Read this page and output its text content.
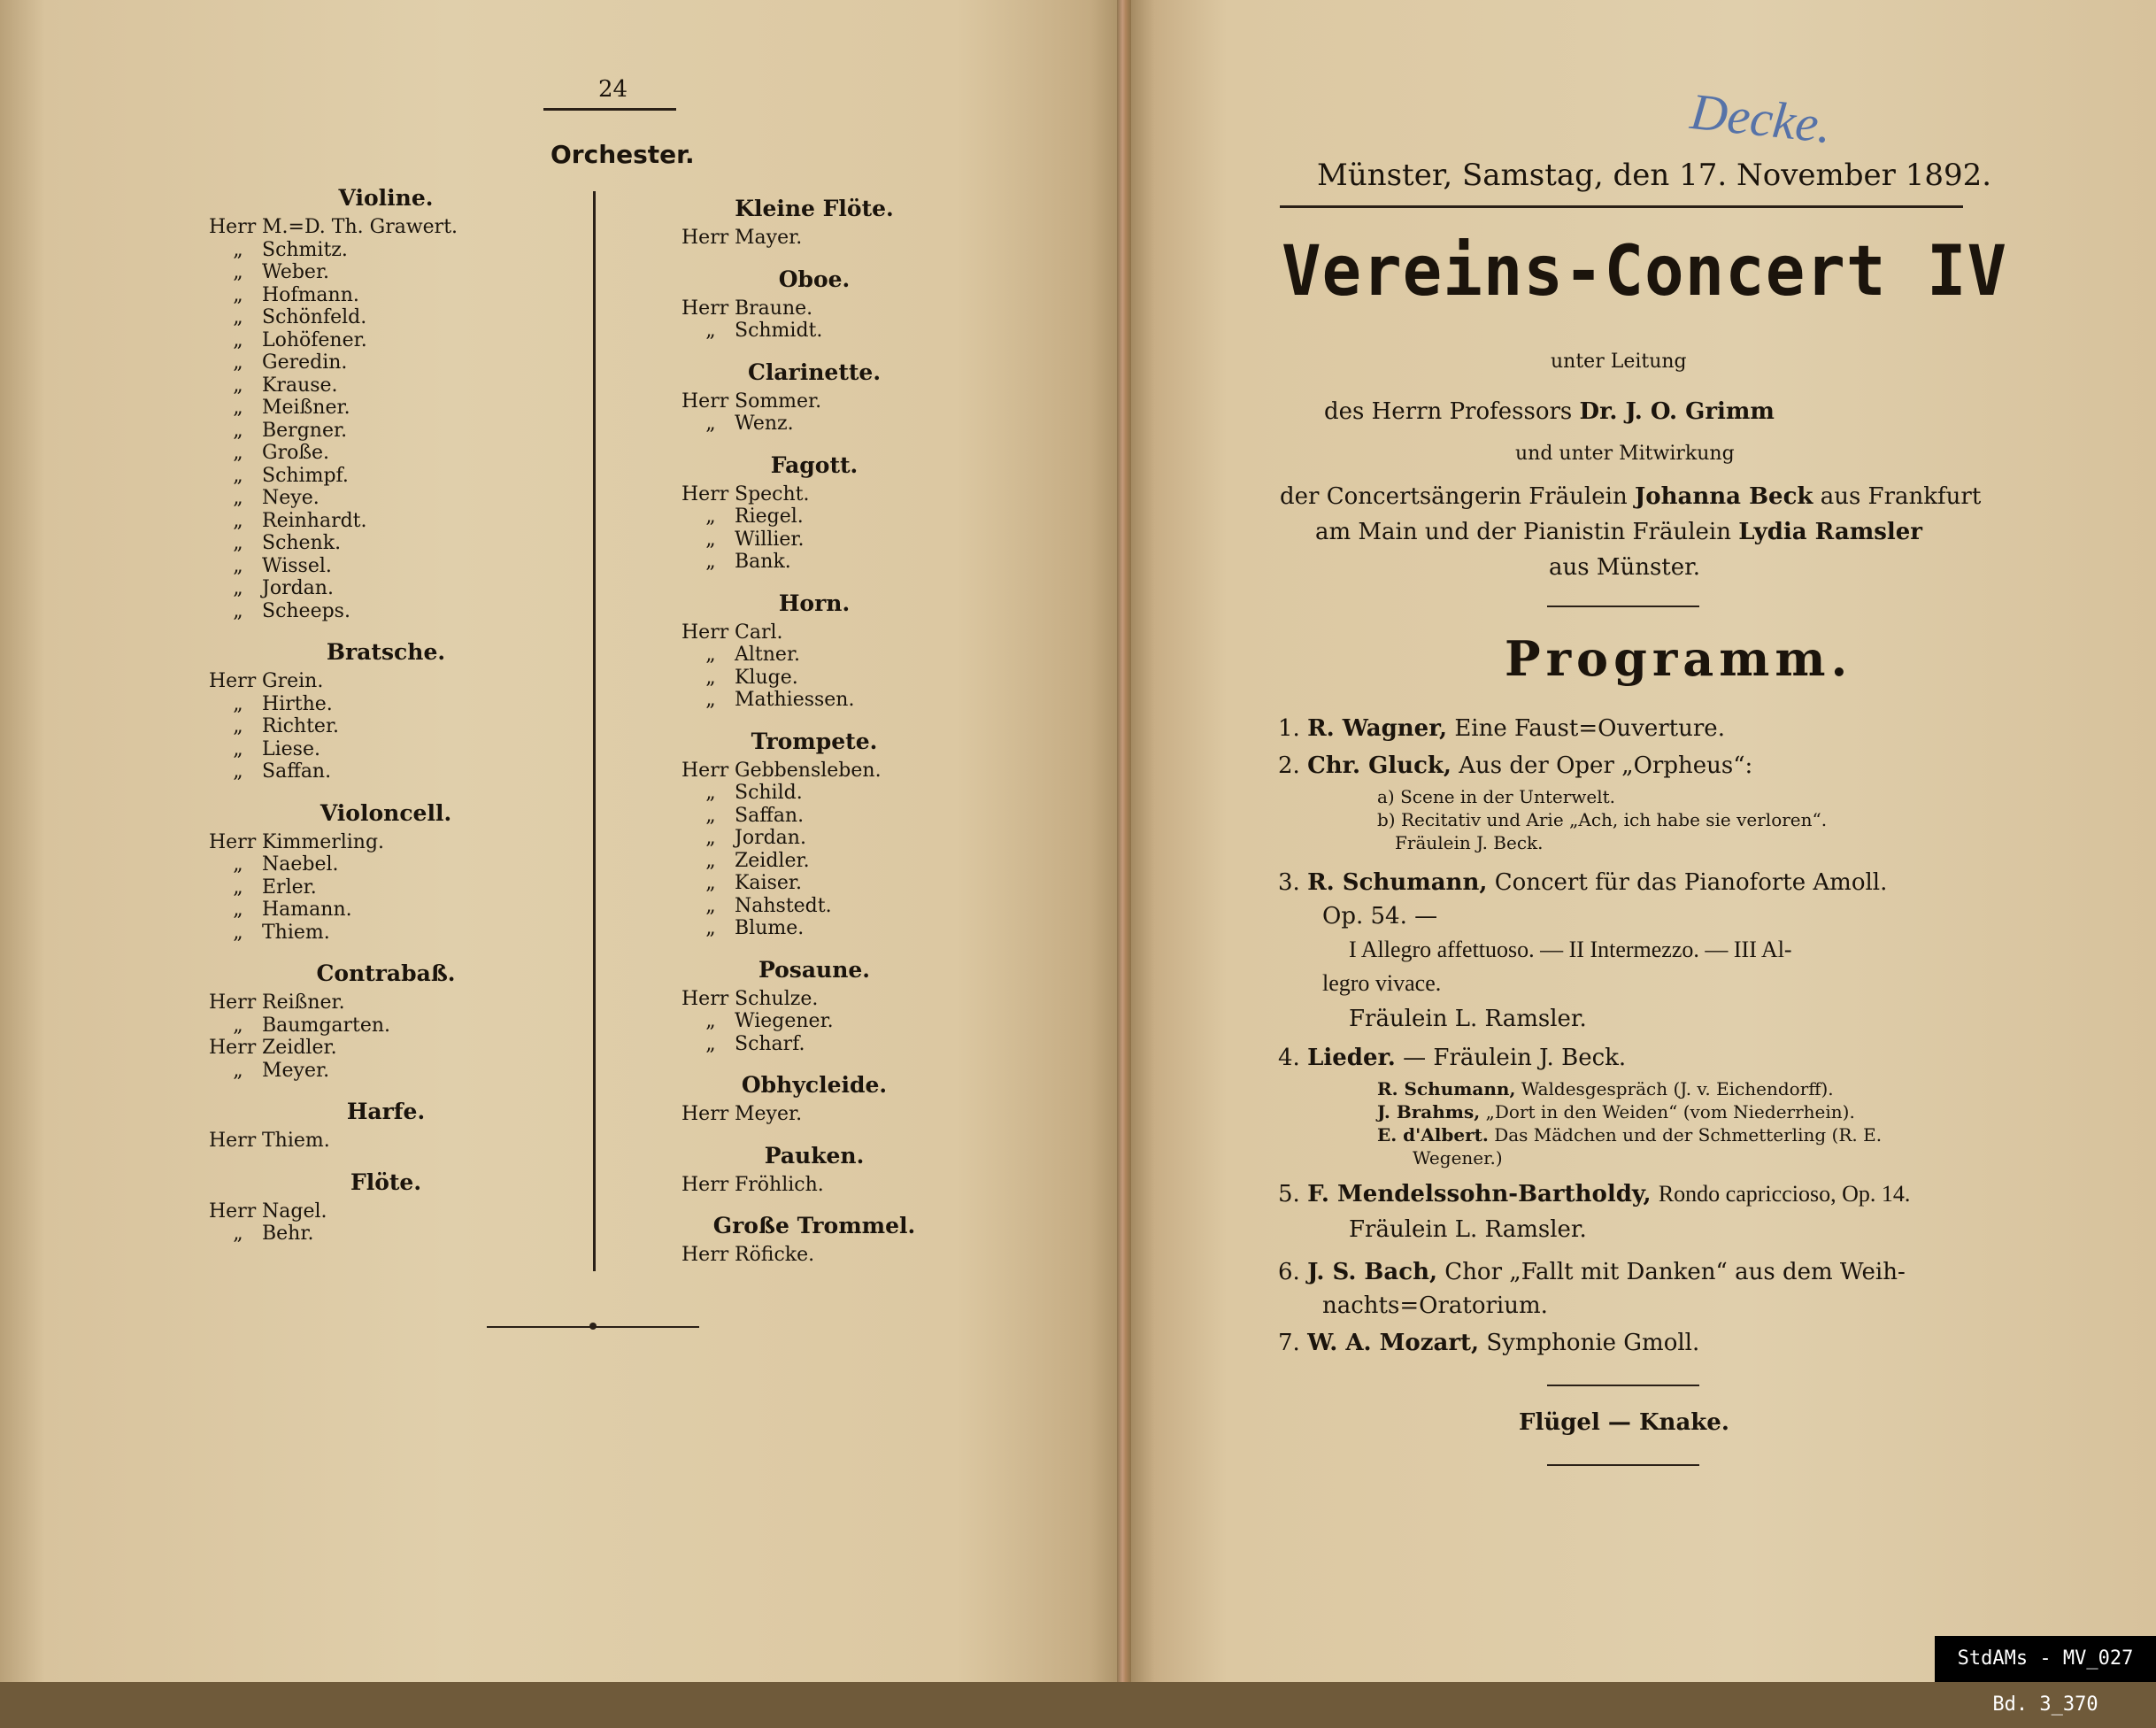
24
Orchester.
Violine.
Herr M.=D. Th. Grawert.
„ Schmitz.
„ Weber.
„ Hofmann.
„ Schönfeld.
„ Lohöfener.
„ Geredin.
„ Krause.
„ Meißner.
„ Bergner.
„ Große.
„ Schimpf.
„ Neye.
„ Reinhardt.
„ Schenk.
„ Wissel.
„ Jordan.
„ Scheeps.
Bratsche.
Herr Grein.
„ Hirthe.
„ Richter.
„ Liese.
„ Saffan.
Violoncell.
Herr Kimmerling.
„ Naebel.
„ Erler.
„ Hamann.
„ Thiem.
Contrabaß.
Herr Reißner.
„ Baumgarten.
Herr Zeidler.
„ Meyer.
Harfe.
Herr Thiem.
Flöte.
Herr Nagel.
„ Behr.
Kleine Flöte.
Herr Mayer.
Oboe.
Herr Braune.
„ Schmidt.
Clarinette.
Herr Sommer.
„ Wenz.
Fagott.
Herr Specht.
„ Riegel.
„ Willier.
„ Bank.
Horn.
Herr Carl.
„ Altner.
„ Kluge.
„ Mathiessen.
Trompete.
Herr Gebbensleben.
„ Schild.
„ Saffan.
„ Jordan.
„ Zeidler.
„ Kaiser.
„ Nahstedt.
„ Blume.
Posaune.
Herr Schulze.
„ Wiegener.
„ Scharf.
Obhycleide.
Herr Meyer.
Pauken.
Herr Fröhlich.
Große Trommel.
Herr Röficke.
Decke.
Münster, Samstag, den 17. November 1892.
Vereins-Concert IV
unter Leitung
des Herrn Professors Dr. J. O. Grimm
und unter Mitwirkung
der Concertsängerin Fräulein Johanna Beck aus Frankfurt
am Main und der Pianistin Fräulein Lydia Ramsler
aus Münster.
Programm.
1. R. Wagner, Eine Faust=Ouverture.
2. Chr. Gluck, Aus der Oper „Orpheus“:
a) Scene in der Unterwelt.
b) Recitativ und Arie „Ach, ich habe sie verloren“.
Fräulein J. Beck.
3. R. Schumann, Concert für das Pianoforte Amoll.
Op. 54. —
I Allegro affettuoso. — II Intermezzo. — III Al-
legro vivace.
Fräulein L. Ramsler.
4. Lieder. — Fräulein J. Beck.
R. Schumann, Waldesgespräch (J. v. Eichendorff).
J. Brahms, „Dort in den Weiden“ (vom Niederrhein).
E. d'Albert. Das Mädchen und der Schmetterling (R. E.
Wegener.)
5. F. Mendelssohn-Bartholdy, Rondo capriccioso, Op. 14.
Fräulein L. Ramsler.
6. J. S. Bach, Chor „Fallt mit Danken“ aus dem Weih-
nachts=Oratorium.
7. W. A. Mozart, Symphonie Gmoll.
Flügel — Knake.
StdAMs - MV_027 Bd. 3_370
